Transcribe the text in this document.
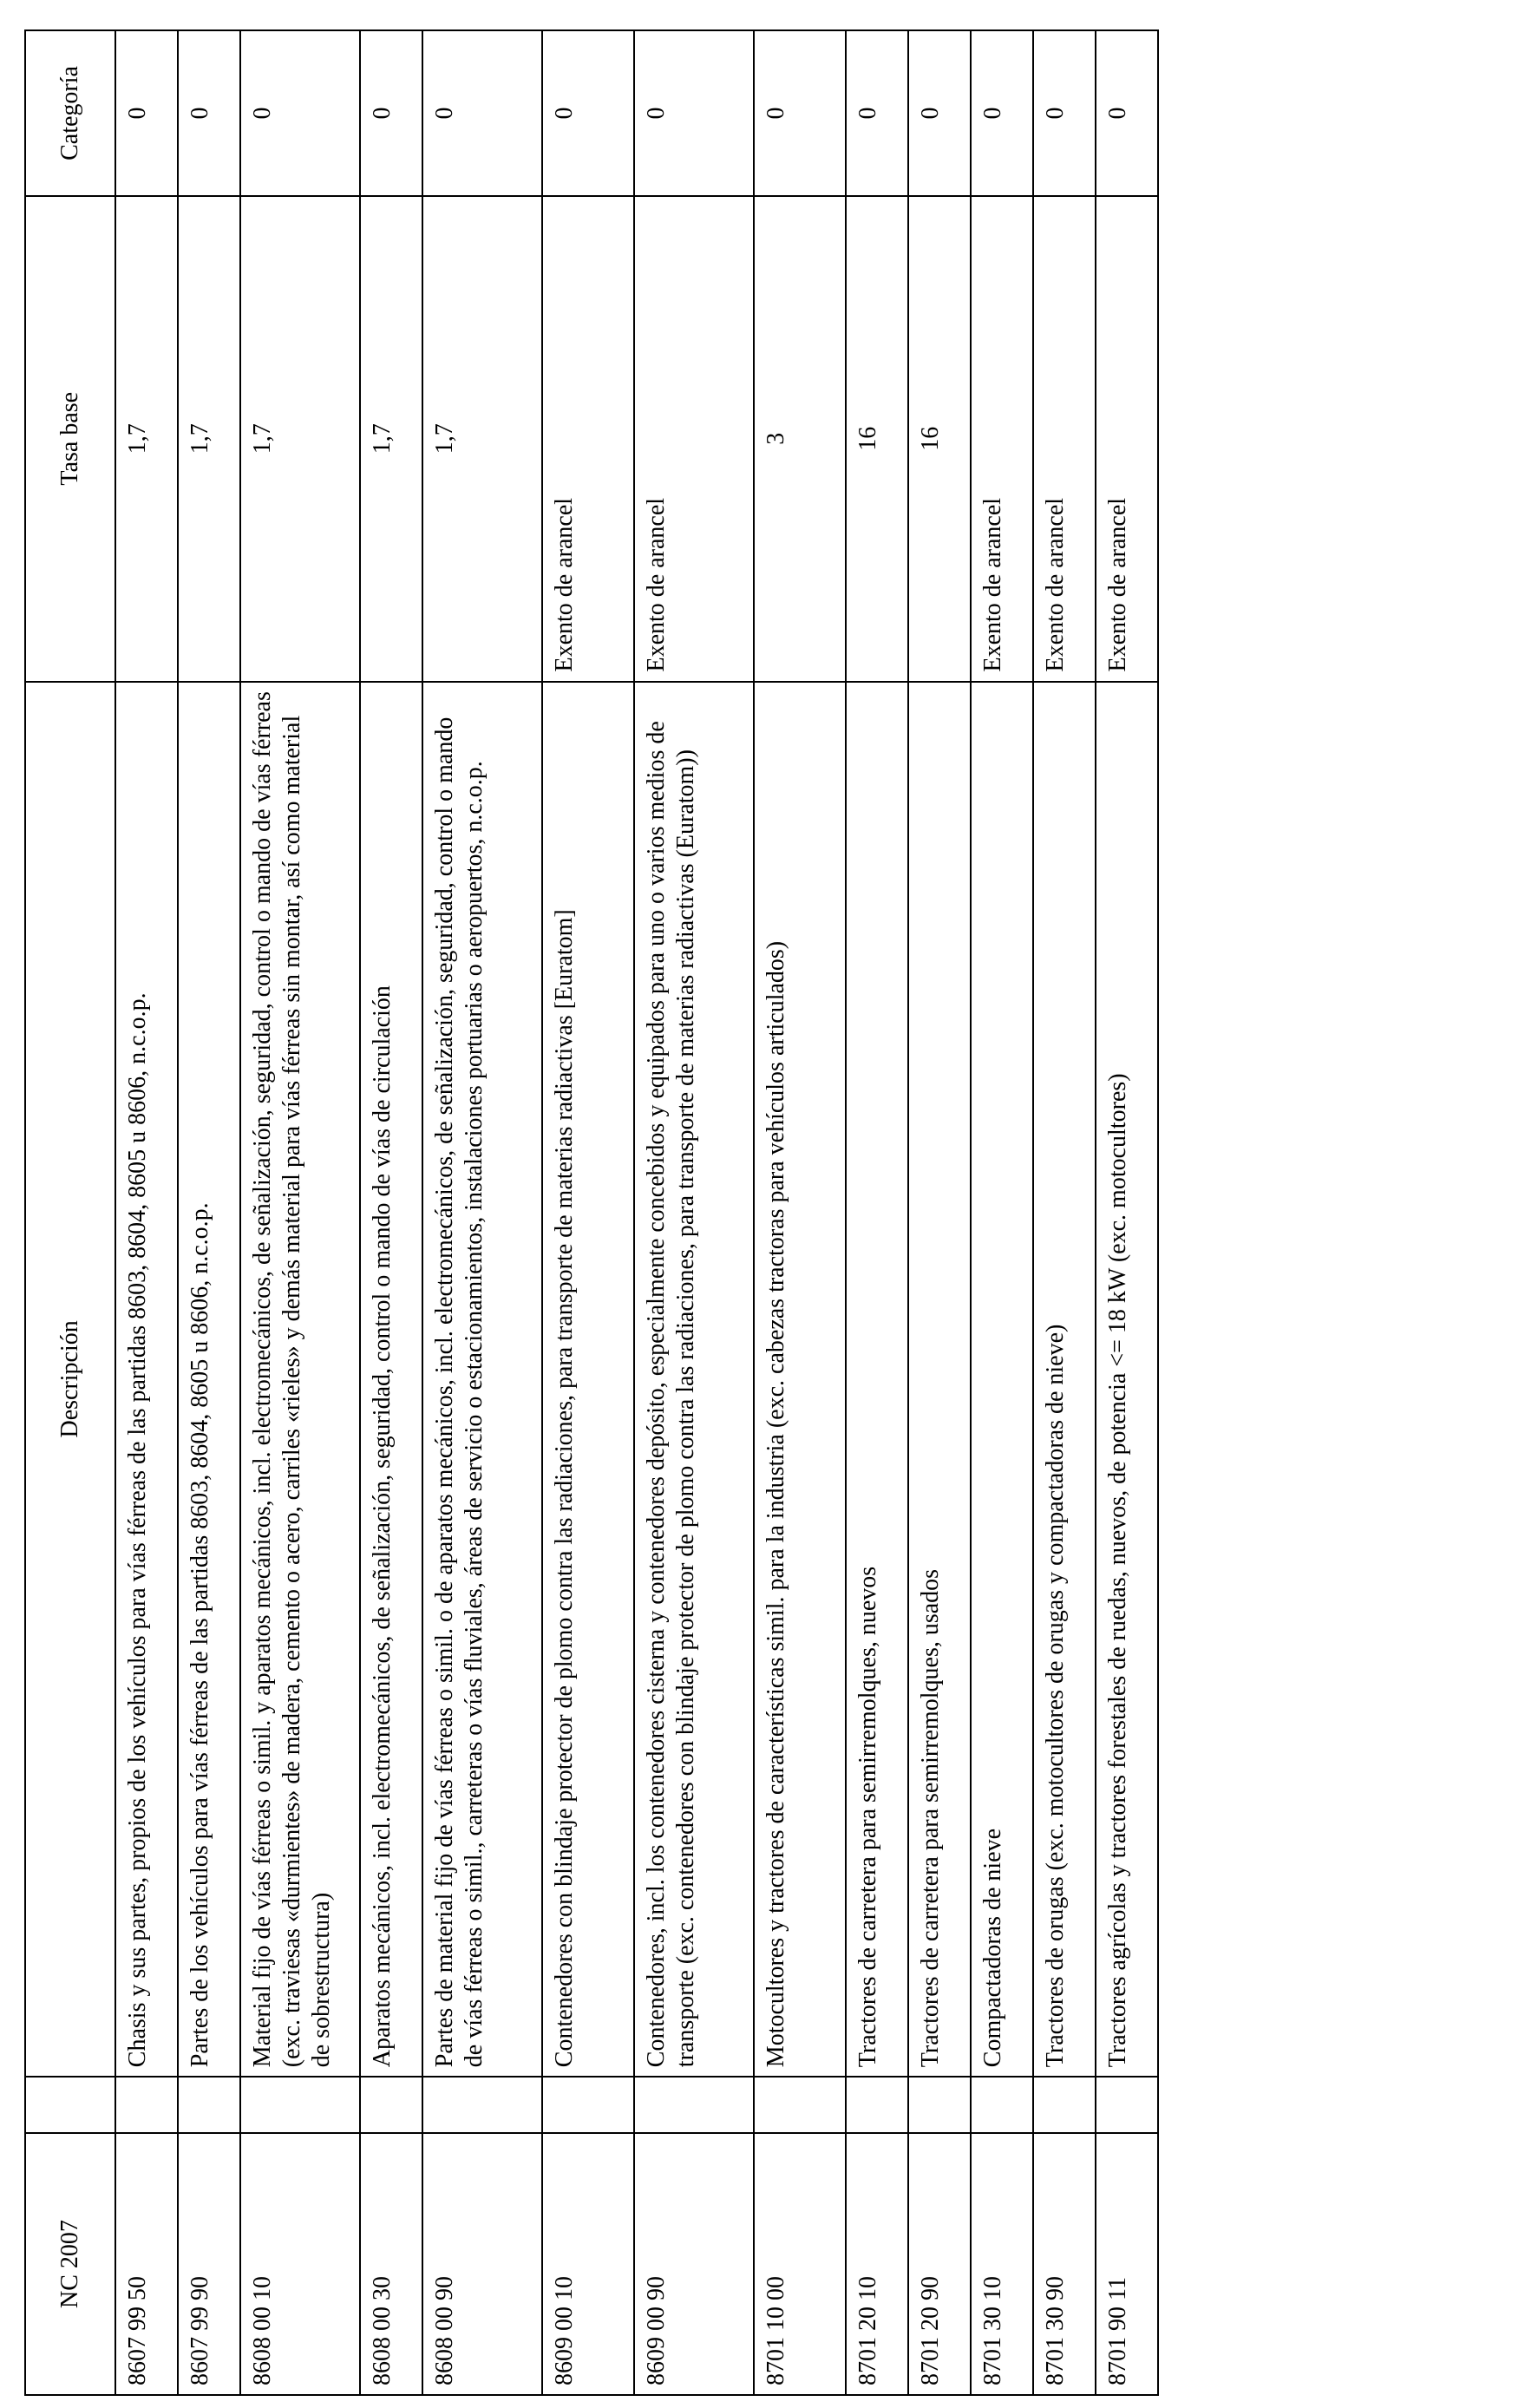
NC 2007		Descripción	Tasa base	Categoría
8607 99 50		Chasis y sus partes, propios de los vehículos para vías férreas de las partidas 8603, 8604, 8605 u 8606, n.c.o.p.	1,7	0
8607 99 90		Partes de los vehículos para vías férreas de las partidas 8603, 8604, 8605 u 8606, n.c.o.p.	1,7	0
8608 00 10		Material fijo de vías férreas o simil. y aparatos mecánicos, incl. electromecánicos, de señalización, seguridad, control o mando de vías férreas (exc. traviesas «durmientes» de madera, cemento o acero, carriles «rieles» y demás material para vías férreas sin montar, así como material de sobrestructura)	1,7	0
8608 00 30		Aparatos mecánicos, incl. electromecánicos, de señalización, seguridad, control o mando de vías de circulación	1,7	0
8608 00 90		Partes de material fijo de vías férreas o simil. o de aparatos mecánicos, incl. electromecánicos, de señalización, seguridad, control o mando de vías férreas o simil., carreteras o vías fluviales, áreas de servicio o estacionamientos, instalaciones portuarias o aeropuertos, n.c.o.p.	1,7	0
8609 00 10		Contenedores con blindaje protector de plomo contra las radiaciones, para transporte de materias radiactivas [Euratom]	Exento de arancel	0
8609 00 90		Contenedores, incl. los contenedores cisterna y contenedores depósito, especialmente concebidos y equipados para uno o varios medios de transporte (exc. contenedores con blindaje protector de plomo contra las radiaciones, para transporte de materias radiactivas (Euratom))	Exento de arancel	0
8701 10 00		Motocultores y tractores de características simil. para la industria (exc. cabezas tractoras para vehículos articulados)	3	0
8701 20 10		Tractores de carretera para semirremolques, nuevos	16	0
8701 20 90		Tractores de carretera para semirremolques, usados	16	0
8701 30 10		Compactadoras de nieve	Exento de arancel	0
8701 30 90		Tractores de orugas (exc. motocultores de orugas y compactadoras de nieve)	Exento de arancel	0
8701 90 11		Tractores agrícolas y tractores forestales de ruedas, nuevos, de potencia <= 18 kW (exc. motocultores)	Exento de arancel	0
